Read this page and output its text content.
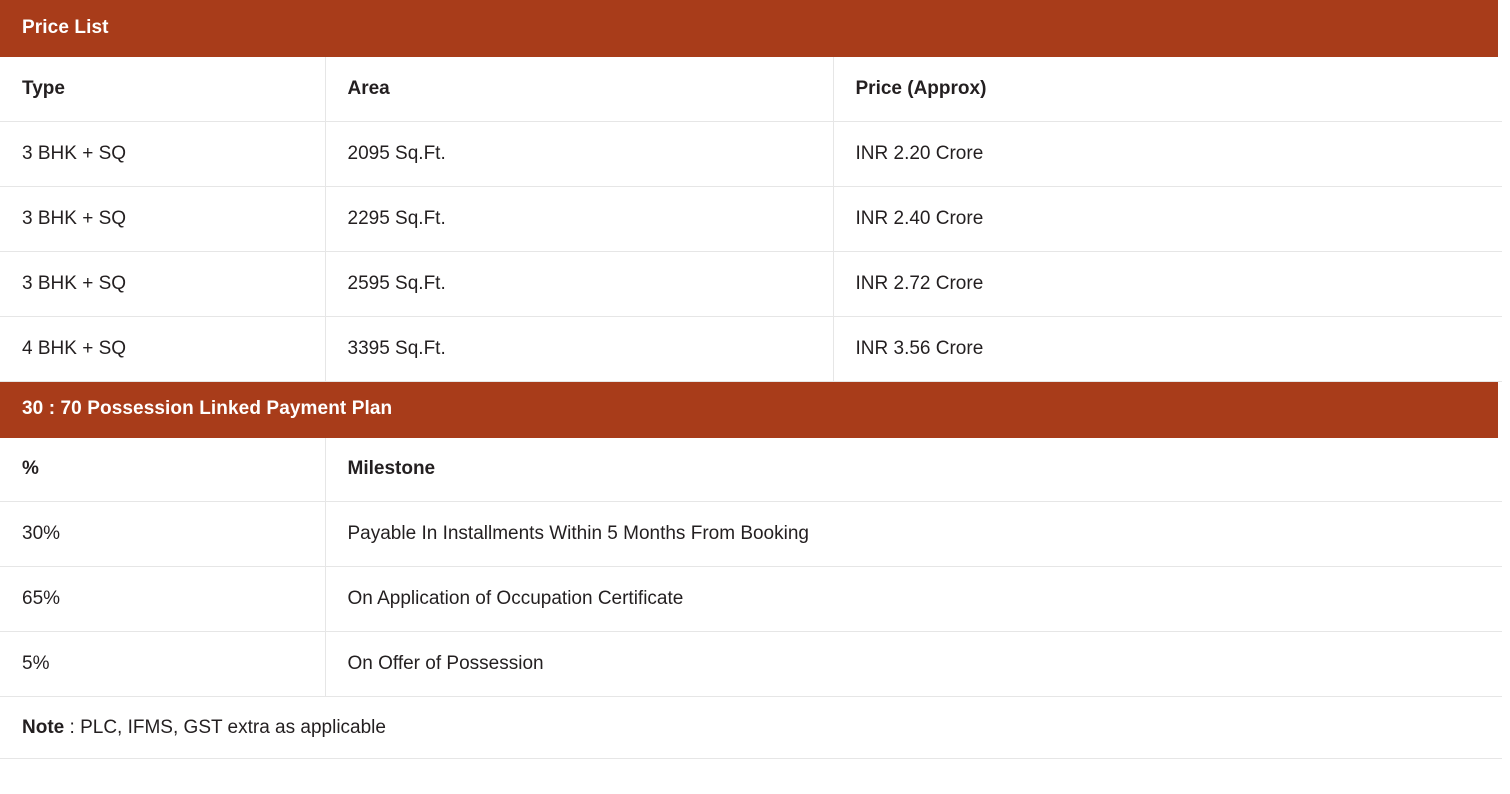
Price List
Type	Area	Price (Approx)
3 BHK + SQ	2095 Sq.Ft.	INR 2.20 Crore
3 BHK + SQ	2295 Sq.Ft.	INR 2.40 Crore
3 BHK + SQ	2595 Sq.Ft.	INR 2.72 Crore
4 BHK + SQ	3395 Sq.Ft.	INR 3.56 Crore
30 : 70 Possession Linked Payment Plan
%	Milestone
30%	Payable In Installments Within 5 Months From Booking
65%	On Application of Occupation Certificate
5%	On Offer of Possession
Note : PLC, IFMS, GST extra as applicable	
